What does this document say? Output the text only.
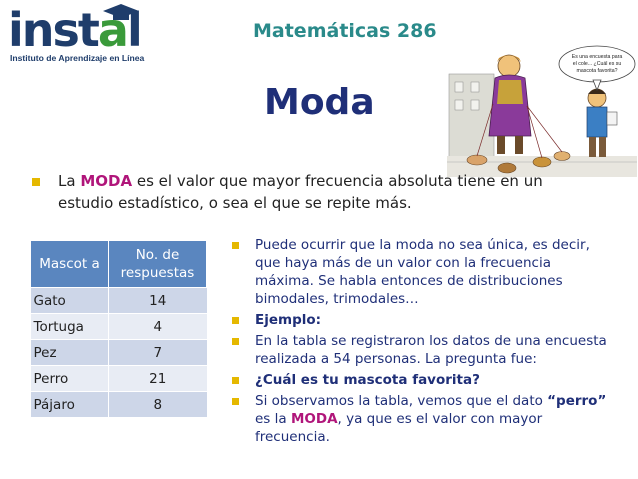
instal
Instituto de Aprendizaje en Línea
Matemáticas 286
Moda
Es una encuesta para
el cole... ¿Cuál es su
mascota favorita?
La MODA es el valor que mayor frecuencia absoluta tiene en un estudio estadístico, o sea el que se repite más.
Mascot a	No. de respuestas
Gato	14
Tortuga	4
Pez	7
Perro	21
Pájaro	8
Puede ocurrir que la moda no sea única, es decir, que haya más de un valor con la frecuencia máxima. Se habla entonces de distribuciones bimodales, trimodales…
Ejemplo:
En la tabla se registraron los datos de una encuesta realizada a 54 personas. La pregunta fue:
¿Cuál es tu mascota favorita?
Si observamos la tabla, vemos que el dato “perro” es la MODA, ya que es el valor con mayor frecuencia.
